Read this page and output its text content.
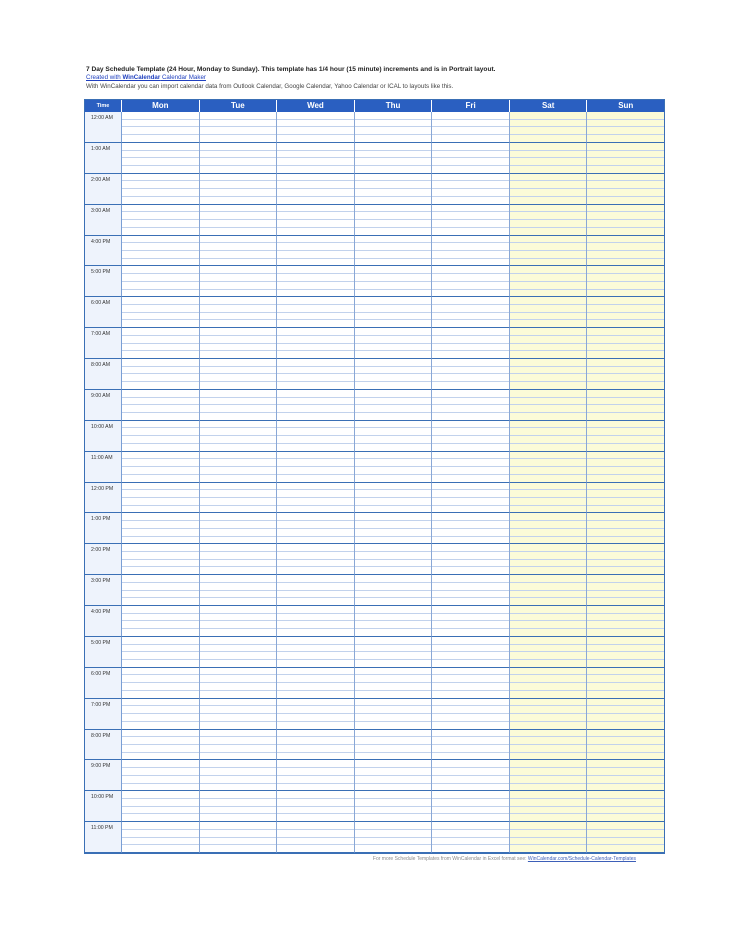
7 Day Schedule Template (24 Hour, Monday to Sunday). This template has 1/4 hour (15 minute) increments and is in Portrait layout.
Created with WinCalendar Calendar Maker
With WinCalendar you can import calendar data from Outlook Calendar, Google Calendar, Yahoo Calendar or ICAL to layouts like this.
Time	Mon	Tue	Wed	Thu	Fri	Sat	Sun
12:00 AM
1:00 AM
2:00 AM
3:00 AM
4:00 PM
5:00 PM
6:00 AM
7:00 AM
8:00 AM
9:00 AM
10:00 AM
11:00 AM
12:00 PM
1:00 PM
2:00 PM
3:00 PM
4:00 PM
5:00 PM
6:00 PM
7:00 PM
8:00 PM
9:00 PM
10:00 PM
11:00 PM
For more Schedule Templates from WinCalendar in Excel format see: WinCalendar.com/Schedule-Calendar-Templates
